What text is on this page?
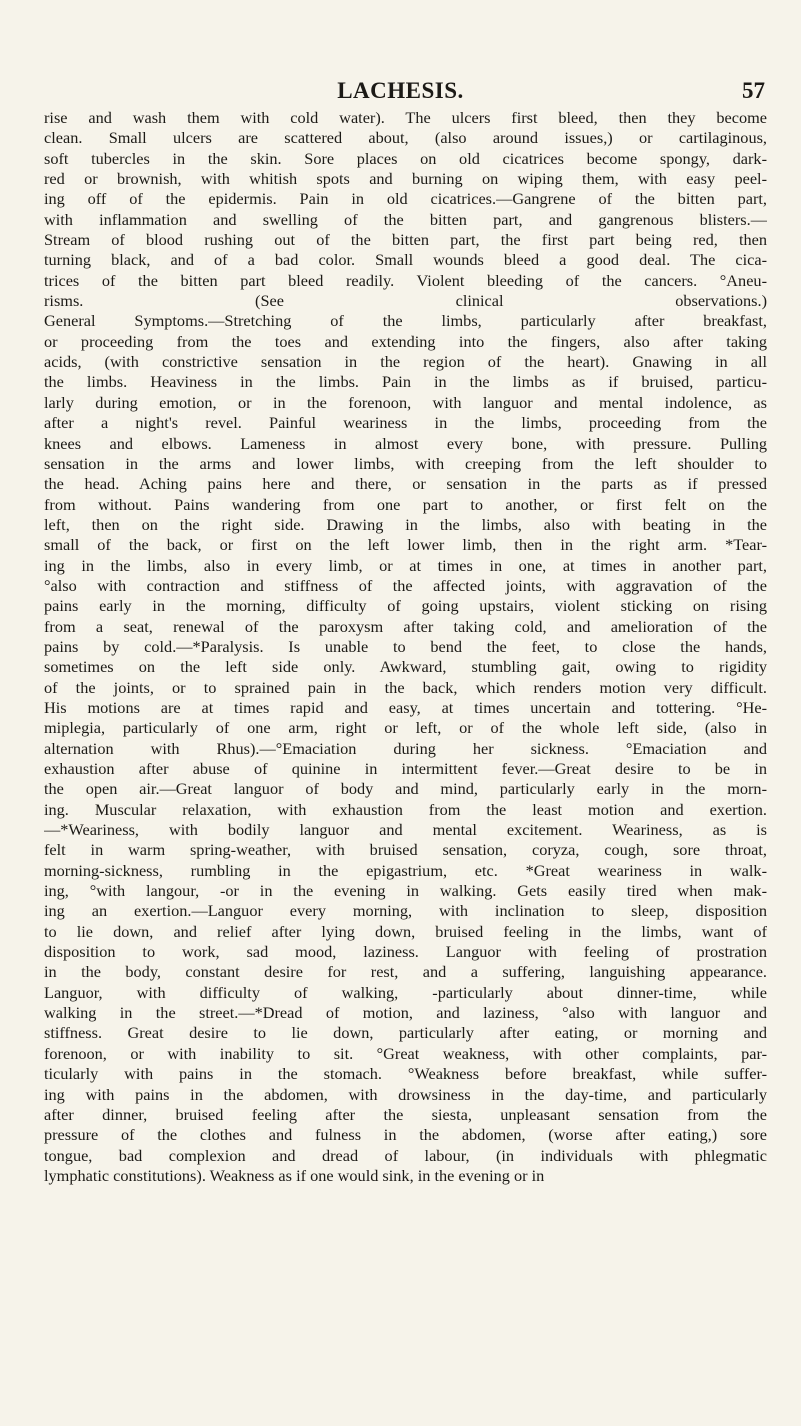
LACHESIS.	57
rise and wash them with cold water). The ulcers first bleed, then they become
clean. Small ulcers are scattered about, (also around issues,) or cartilaginous,
soft tubercles in the skin. Sore places on old cicatrices become spongy, dark-
red or brownish, with whitish spots and burning on wiping them, with easy peel-
ing off of the epidermis. Pain in old cicatrices.—Gangrene of the bitten part,
with inflammation and swelling of the bitten part, and gangrenous blisters.—
Stream of blood rushing out of the bitten part, the first part being red, then
turning black, and of a bad color. Small wounds bleed a good deal. The cica-
trices of the bitten part bleed readily. Violent bleeding of the cancers. °Aneu-
risms. (See clinical observations.)
General Symptoms.—Stretching of the limbs, particularly after breakfast,
or proceeding from the toes and extending into the fingers, also after taking
acids, (with constrictive sensation in the region of the heart). Gnawing in all
the limbs. Heaviness in the limbs. Pain in the limbs as if bruised, particu-
larly during emotion, or in the forenoon, with languor and mental indolence, as
after a night's revel. Painful weariness in the limbs, proceeding from the
knees and elbows. Lameness in almost every bone, with pressure. Pulling
sensation in the arms and lower limbs, with creeping from the left shoulder to
the head. Aching pains here and there, or sensation in the parts as if pressed
from without. Pains wandering from one part to another, or first felt on the
left, then on the right side. Drawing in the limbs, also with beating in the
small of the back, or first on the left lower limb, then in the right arm. *Tear-
ing in the limbs, also in every limb, or at times in one, at times in another part,
°also with contraction and stiffness of the affected joints, with aggravation of the
pains early in the morning, difficulty of going upstairs, violent sticking on rising
from a seat, renewal of the paroxysm after taking cold, and amelioration of the
pains by cold.—*Paralysis. Is unable to bend the feet, to close the hands,
sometimes on the left side only. Awkward, stumbling gait, owing to rigidity
of the joints, or to sprained pain in the back, which renders motion very difficult.
His motions are at times rapid and easy, at times uncertain and tottering. °He-
miplegia, particularly of one arm, right or left, or of the whole left side, (also in
alternation with Rhus).—°Emaciation during her sickness. °Emaciation and
exhaustion after abuse of quinine in intermittent fever.—Great desire to be in
the open air.—Great languor of body and mind, particularly early in the morn-
ing. Muscular relaxation, with exhaustion from the least motion and exertion.
—*Weariness, with bodily languor and mental excitement. Weariness, as is
felt in warm spring-weather, with bruised sensation, coryza, cough, sore throat,
morning-sickness, rumbling in the epigastrium, etc. *Great weariness in walk-
ing, °with langour, -or in the evening in walking. Gets easily tired when mak-
ing an exertion.—Languor every morning, with inclination to sleep, disposition
to lie down, and relief after lying down, bruised feeling in the limbs, want of
disposition to work, sad mood, laziness. Languor with feeling of prostration
in the body, constant desire for rest, and a suffering, languishing appearance.
Languor, with difficulty of walking, -particularly about dinner-time, while
walking in the street.—*Dread of motion, and laziness, °also with languor and
stiffness. Great desire to lie down, particularly after eating, or morning and
forenoon, or with inability to sit. °Great weakness, with other complaints, par-
ticularly with pains in the stomach. °Weakness before breakfast, while suffer-
ing with pains in the abdomen, with drowsiness in the day-time, and particularly
after dinner, bruised feeling after the siesta, unpleasant sensation from the
pressure of the clothes and fulness in the abdomen, (worse after eating,) sore
tongue, bad complexion and dread of labour, (in individuals with phlegmatic
lymphatic constitutions). Weakness as if one would sink, in the evening or in
